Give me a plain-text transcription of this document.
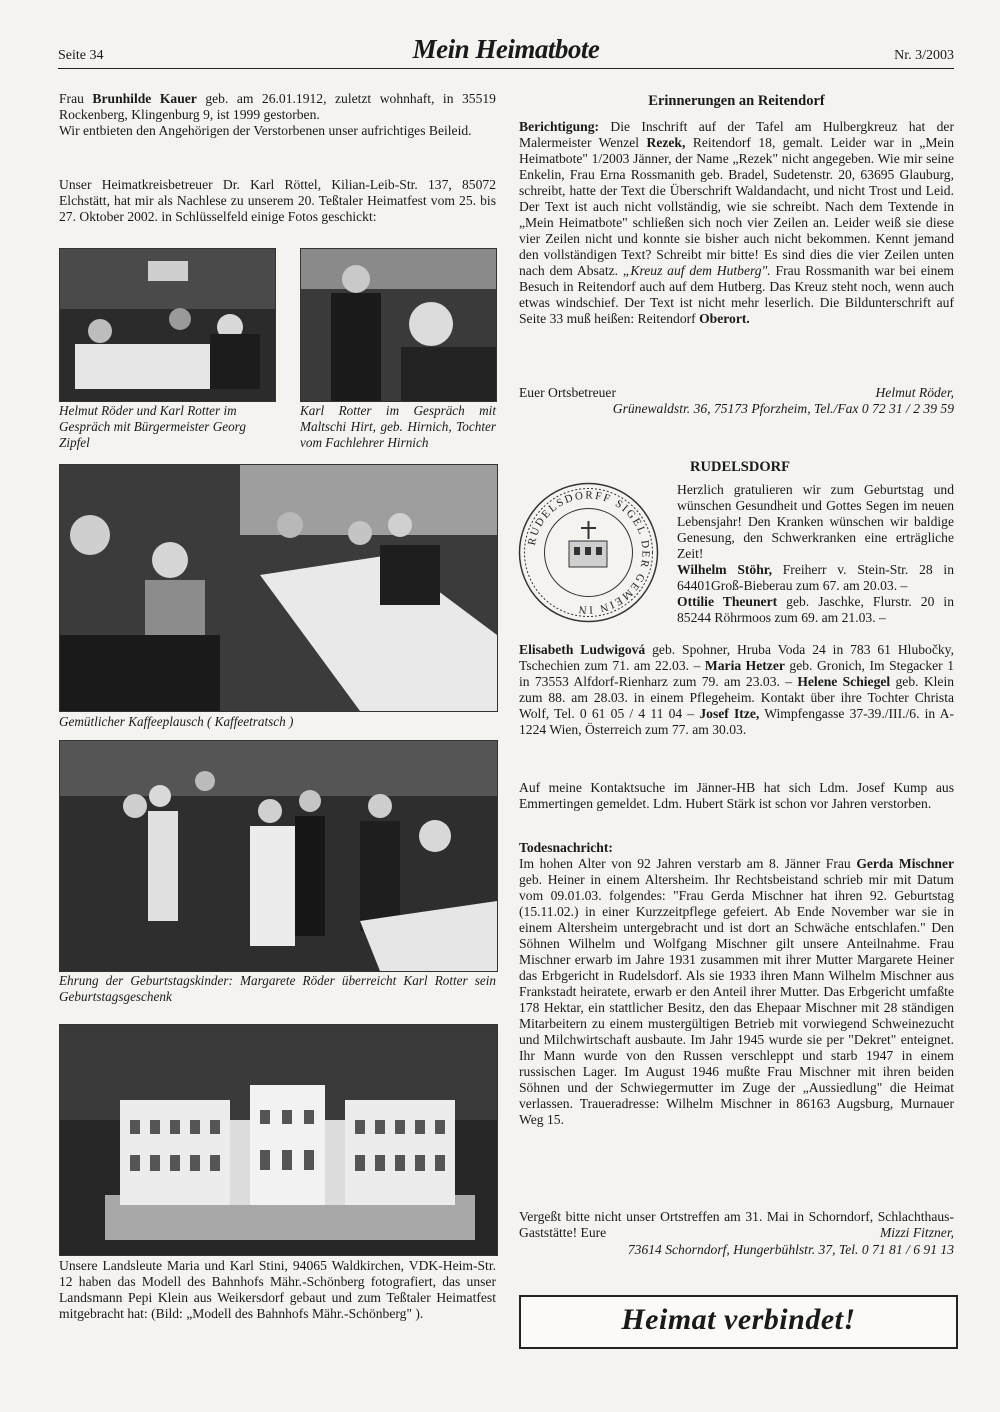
Seite 34	Mein Heimatbote	Nr. 3/2003

Frau Brunhilde Kauer geb. am 26.01.1912, zuletzt wohnhaft, in 35519 Rockenberg, Klingenburg 9, ist 1999 gestorben.
Wir entbieten den Angehörigen der Verstorbenen unser aufrichtiges Beileid.

Unser Heimatkreisbetreuer Dr. Karl Röttel, Kilian-Leib-Str. 137, 85072 Elchstätt, hat mir als Nachlese zu unserem 20. Teßtaler Heimatfest vom 25. bis 27. Oktober 2002. in Schlüsselfeld einige Fotos geschickt:

Helmut Röder und Karl Rotter im Gespräch mit Bürgermeister Georg Zipfel

Karl Rotter im Gespräch mit Maltschi Hirt, geb. Hirnich, Tochter vom Fachlehrer Hirnich

Gemütlicher Kaffeeplausch ( Kaffeetratsch )

Ehrung der Geburtstagskinder: Margarete Röder überreicht Karl Rotter sein Geburtstagsgeschenk

Unsere Landsleute Maria und Karl Stini, 94065 Waldkirchen, VDK-Heim-Str. 12 haben das Modell des Bahnhofs Mähr.-Schönberg fotografiert, das unser Landsmann Pepi Klein aus Weikersdorf gebaut und zum Teßtaler Heimatfest mitgebracht hat: (Bild: „Modell des Bahnhofs Mähr.-Schönberg" ).

Erinnerungen an Reitendorf

Berichtigung: Die Inschrift auf der Tafel am Hulbergkreuz hat der Malermeister Wenzel Rezek, Reitendorf 18, gemalt. Leider war in „Mein Heimatbote" 1/2003 Jänner, der Name „Rezek" nicht angegeben. Wie mir seine Enkelin, Frau Erna Rossmanith geb. Bradel, Sudetenstr. 20, 63695 Glauburg, schreibt, hatte der Text die Überschrift Waldandacht, und nicht Trost und Leid. Der Text ist auch nicht vollständig, wie sie schreibt. Nach dem Textende in „Mein Heimatbote" schließen sich noch vier Zeilen an. Leider weiß sie diese vier Zeilen nicht und konnte sie bisher auch nicht bekommen. Kennt jemand den vollständigen Text? Schreibt mir bitte! Es sind dies die vier Zeilen unten nach dem Absatz. „Kreuz auf dem Hutberg". Frau Rossmanith war bei einem Besuch in Reitendorf auch auf dem Hutberg. Das Kreuz steht noch, wenn auch etwas windschief. Der Text ist nicht mehr leserlich. Die Bildunterschrift auf Seite 33 muß heißen: Reitendorf Oberort.

Euer Ortsbetreuer	Helmut Röder,

Grünewaldstr. 36, 75173 Pforzheim, Tel./Fax 0 72 31 / 2 39 59

RUDELSDORF

RUDELSDORFF SIGEL DER GEMEIN IN

Herzlich gratulieren wir zum Geburtstag und wünschen Gesundheit und Gottes Segen im neuen Lebensjahr! Den Kranken wünschen wir baldige Genesung, den Schwerkranken eine erträgliche Zeit!
Wilhelm Stöhr, Freiherr v. Stein-Str. 28 in 64401Groß-Bieberau zum 67. am 20.03. –
Ottilie Theunert geb. Jaschke, Flurstr. 20 in 85244 Röhrmoos zum 69. am 21.03. –

Elisabeth Ludwigová geb. Spohner, Hruba Voda 24 in 783 61 Hlubočky, Tschechien zum 71. am 22.03. – Maria Hetzer geb. Gronich, Im Stegacker 1 in 73553 Alfdorf-Rienharz zum 79. am 23.03. – Helene Schiegel geb. Klein zum 88. am 28.03. in einem Pflegeheim. Kontakt über ihre Tochter Christa Wolf, Tel. 0 61 05 / 4 11 04 – Josef Itze, Wimpfengasse 37-39./III./6. in A-1224 Wien, Österreich zum 77. am 30.03.

Auf meine Kontaktsuche im Jänner-HB hat sich Ldm. Josef Kump aus Emmertingen gemeldet. Ldm. Hubert Stärk ist schon vor Jahren verstorben.

Todesnachricht:
Im hohen Alter von 92 Jahren verstarb am 8. Jänner Frau Gerda Mischner geb. Heiner in einem Altersheim. Ihr Rechtsbeistand schrieb mir mit Datum vom 09.01.03. folgendes: "Frau Gerda Mischner hat ihren 92. Geburtstag (15.11.02.) in einer Kurzzeitpflege gefeiert. Ab Ende November war sie in einem Altersheim untergebracht und ist dort an Schwäche entschlafen." Den Söhnen Wilhelm und Wolfgang Mischner gilt unsere Anteilnahme. Frau Mischner erwarb im Jahre 1931 zusammen mit ihrer Mutter Margarete Heiner das Erbgericht in Rudelsdorf. Als sie 1933 ihren Mann Wilhelm Mischner aus Frankstadt heiratete, erwarb er den Anteil ihrer Mutter. Das Erbgericht umfaßte 178 Hektar, ein stattlicher Besitz, den das Ehepaar Mischner mit 28 ständigen Mitarbeitern zu einem mustergültigen Betrieb mit vorwiegend Schweinezucht und Milchwirtschaft ausbaute. Im Jahr 1945 wurde sie per "Dekret" enteignet. Ihr Mann wurde von den Russen verschleppt und starb 1947 in einem russischen Lager. Im August 1946 mußte Frau Mischner mit ihren beiden Söhnen und der Schwiegermutter im Zuge der „Aussiedlung" die Heimat verlassen. Traueradresse: Wilhelm Mischner in 86163 Augsburg, Murnauer Weg 15.

Vergeßt bitte nicht unser Ortstreffen am 31. Mai in Schorndorf, Schlachthaus-Gaststätte! Eure	Mizzi Fitzner,

73614 Schorndorf, Hungerbühlstr. 37, Tel. 0 71 81 / 6 91 13

Heimat verbindet!
